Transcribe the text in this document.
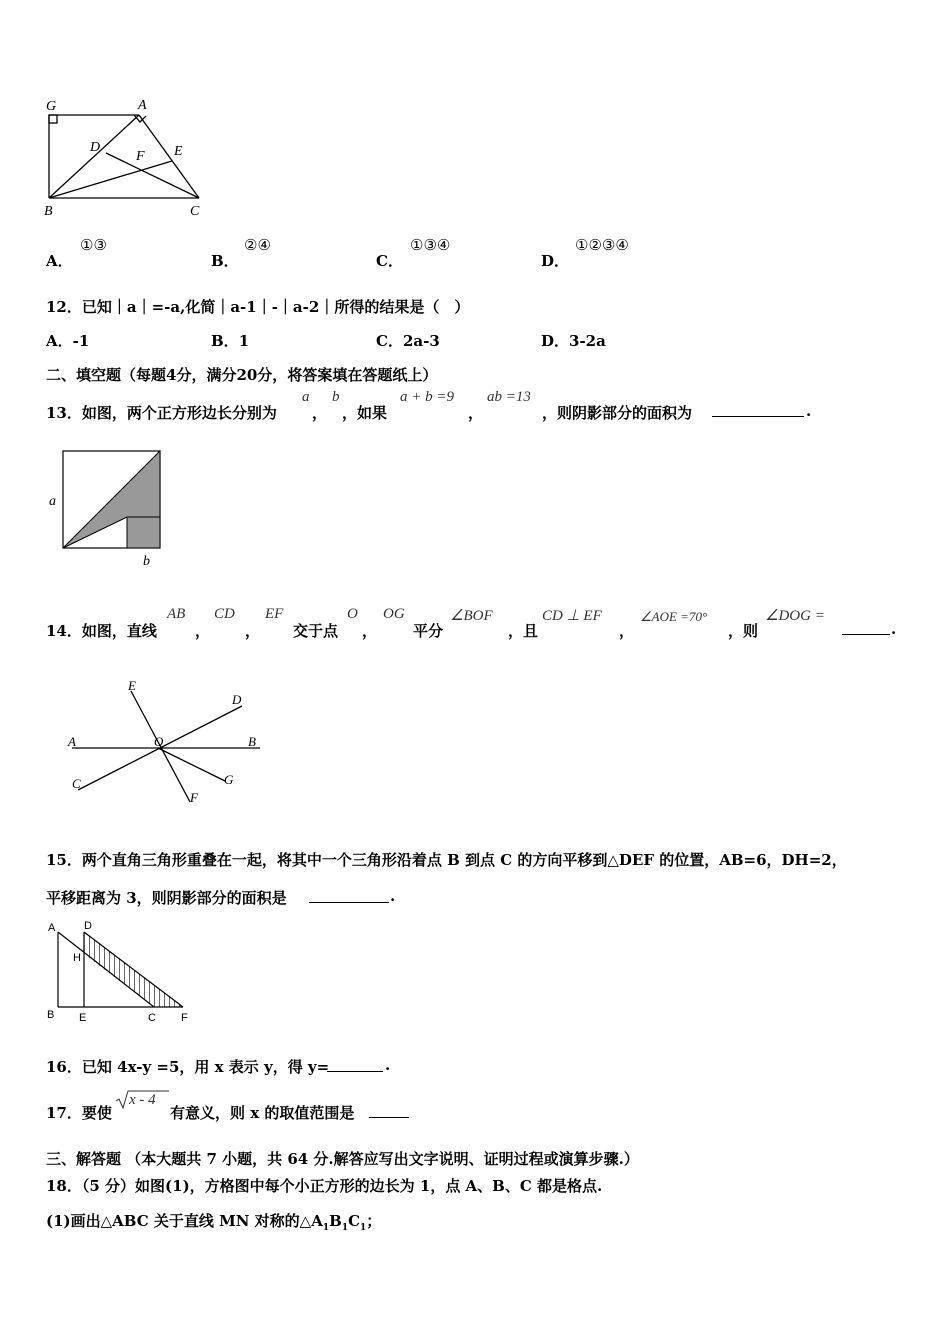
G	A
D
F E
B	C
A．
①③
B．
②④
C．
①③④
D．
①②③④
12．已知｜a｜=-a,化简｜a-1｜-｜a-2｜所得的结果是（　）
A．-1	B．1	C．2a-3	D．3-2a
二、填空题（每题4分，满分20分，将答案填在答题纸上）
13．如图，两个正方形边长分别为
a
，
b
，如果
a + b =9
，
ab =13
，则阴影部分的面积为	.
a
b
14．如图，直线
AB
，
CD
，
EF
交于点
O
，
OG
平分
∠BOF
，且
CD ⊥ EF
，
∠AOE =70°
，则
∠DOG =
.
E
D
A	O	B
C	G
F
15．两个直角三角形重叠在一起，将其中一个三角形沿着点 B 到点 C 的方向平移到△DEF 的位置，AB=6，DH=2，
平移距离为 3，则阴影部分的面积是	.
A	D
H
B E	C F
16．已知 4x-y =5，用 x 表示 y，得 y=	.
17．要使
x - 4
有意义，则 x 的取值范围是
三、解答题 （本大题共 7 小题，共 64 分.解答应写出文字说明、证明过程或演算步骤.）
18．（5 分）如图(1)，方格图中每个小正方形的边长为 1，点 A、B、C 都是格点.
(1)画出△ABC 关于直线 MN 对称的$\triangle A_1B_1C_1$；
